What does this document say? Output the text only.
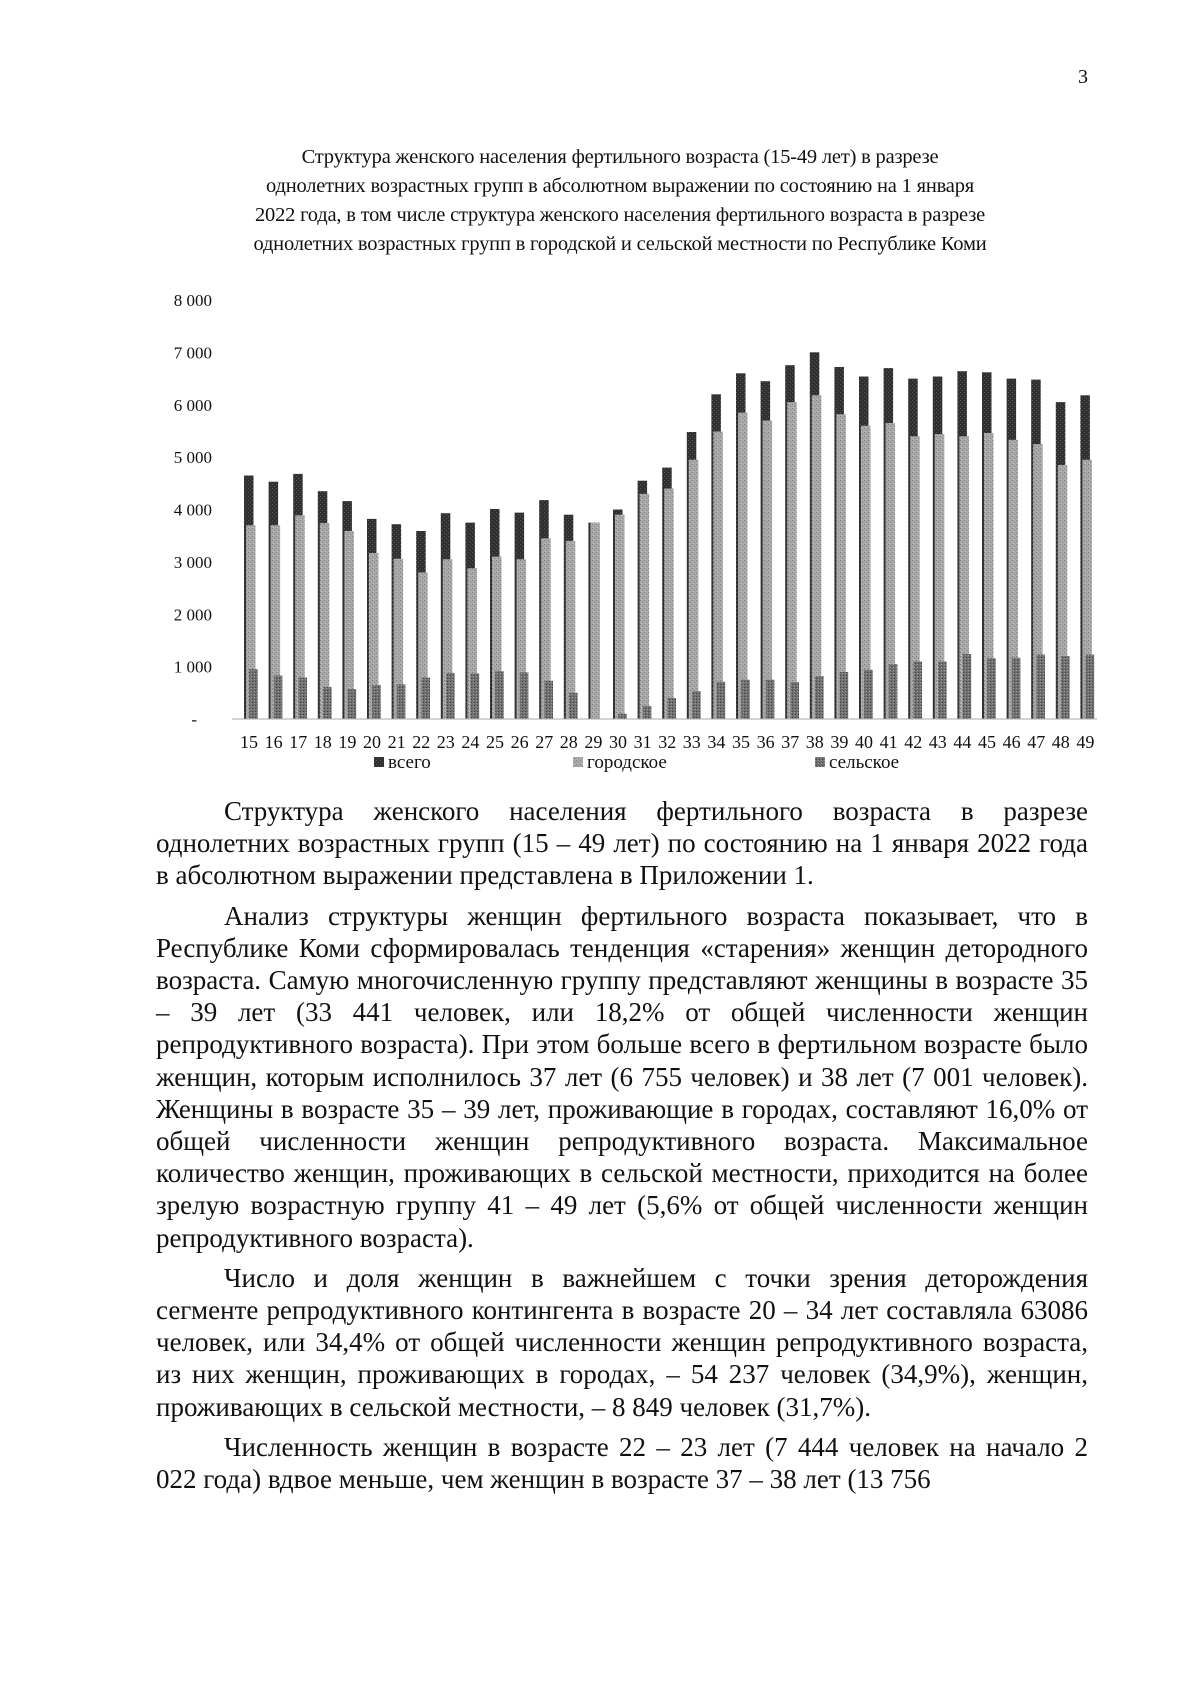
3
Структура женского населения фертильного возраста (15-49 лет) в разрезе
однолетних возрастных групп в абсолютном выражении по состоянию на 1 января
2022 года, в том числе структура женского населения фертильного возраста в разрезе
однолетних возрастных групп в городской и сельской местности по Республике Коми
-
1 000
2 000
3 000
4 000
5 000
6 000
7 000
8 000
15 16 17 18 19 20 21 22 23 24 25 26 27 28 29 30 31 32 33 34 35 36 37 38 39 40 41 42 43 44 45 46 47 48 49
всего	городское	сельское

Структура женского населения фертильного возраста в разрезе однолетних возрастных групп (15 – 49 лет) по состоянию на 1 января 2022 года в абсолютном выражении представлена в Приложении 1.

Анализ структуры женщин фертильного возраста показывает, что в Республике Коми сформировалась тенденция «старения» женщин детородного возраста. Самую многочисленную группу представляют женщины в возрасте 35 – 39 лет (33 441 человек, или 18,2% от общей численности женщин репродуктивного возраста). При этом больше всего в фертильном возрасте было женщин, которым исполнилось 37 лет (6 755 человек) и 38 лет (7 001 человек). Женщины в возрасте 35 – 39 лет, проживающие в городах, составляют 16,0% от общей численности женщин репродуктивного возраста. Максимальное количество женщин, проживающих в сельской местности, приходится на более зрелую возрастную группу 41 – 49 лет (5,6% от общей численности женщин репродуктивного возраста).

Число и доля женщин в важнейшем с точки зрения деторождения сегменте репродуктивного контингента в возрасте 20 – 34 лет составляла 63086 человек, или 34,4% от общей численности женщин репродуктивного возраста, из них женщин, проживающих в городах, – 54 237 человек (34,9%), женщин, проживающих в сельской местности, – 8 849 человек (31,7%).

Численность женщин в возрасте 22 – 23 лет (7 444 человек на начало 2 022 года) вдвое меньше, чем женщин в возрасте 37 – 38 лет (13 756
